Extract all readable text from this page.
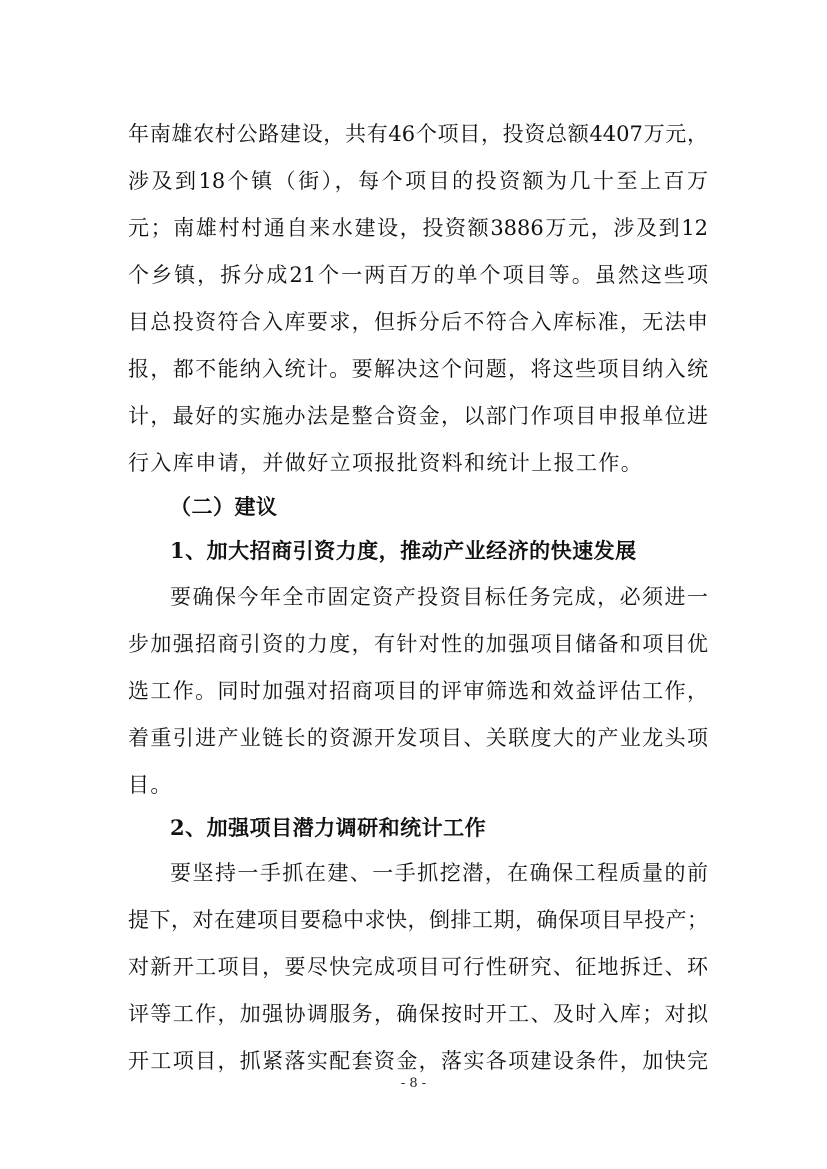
年南雄农村公路建设，共有46个项目，投资总额4407万元，
涉及到18个镇（街），每个项目的投资额为几十至上百万
元；南雄村村通自来水建设，投资额3886万元，涉及到12
个乡镇，拆分成21个一两百万的单个项目等。虽然这些项
目总投资符合入库要求，但拆分后不符合入库标准，无法申
报，都不能纳入统计。要解决这个问题，将这些项目纳入统
计，最好的实施办法是整合资金，以部门作项目申报单位进
行入库申请，并做好立项报批资料和统计上报工作。
（二）建议
1、加大招商引资力度，推动产业经济的快速发展
要确保今年全市固定资产投资目标任务完成，必须进一
步加强招商引资的力度，有针对性的加强项目储备和项目优
选工作。同时加强对招商项目的评审筛选和效益评估工作，
着重引进产业链长的资源开发项目、关联度大的产业龙头项
目。
2、加强项目潜力调研和统计工作
要坚持一手抓在建、一手抓挖潜，在确保工程质量的前
提下，对在建项目要稳中求快，倒排工期，确保项目早投产；
对新开工项目，要尽快完成项目可行性研究、征地拆迁、环
评等工作，加强协调服务，确保按时开工、及时入库；对拟
开工项目，抓紧落实配套资金，落实各项建设条件，加快完
- 8 -
